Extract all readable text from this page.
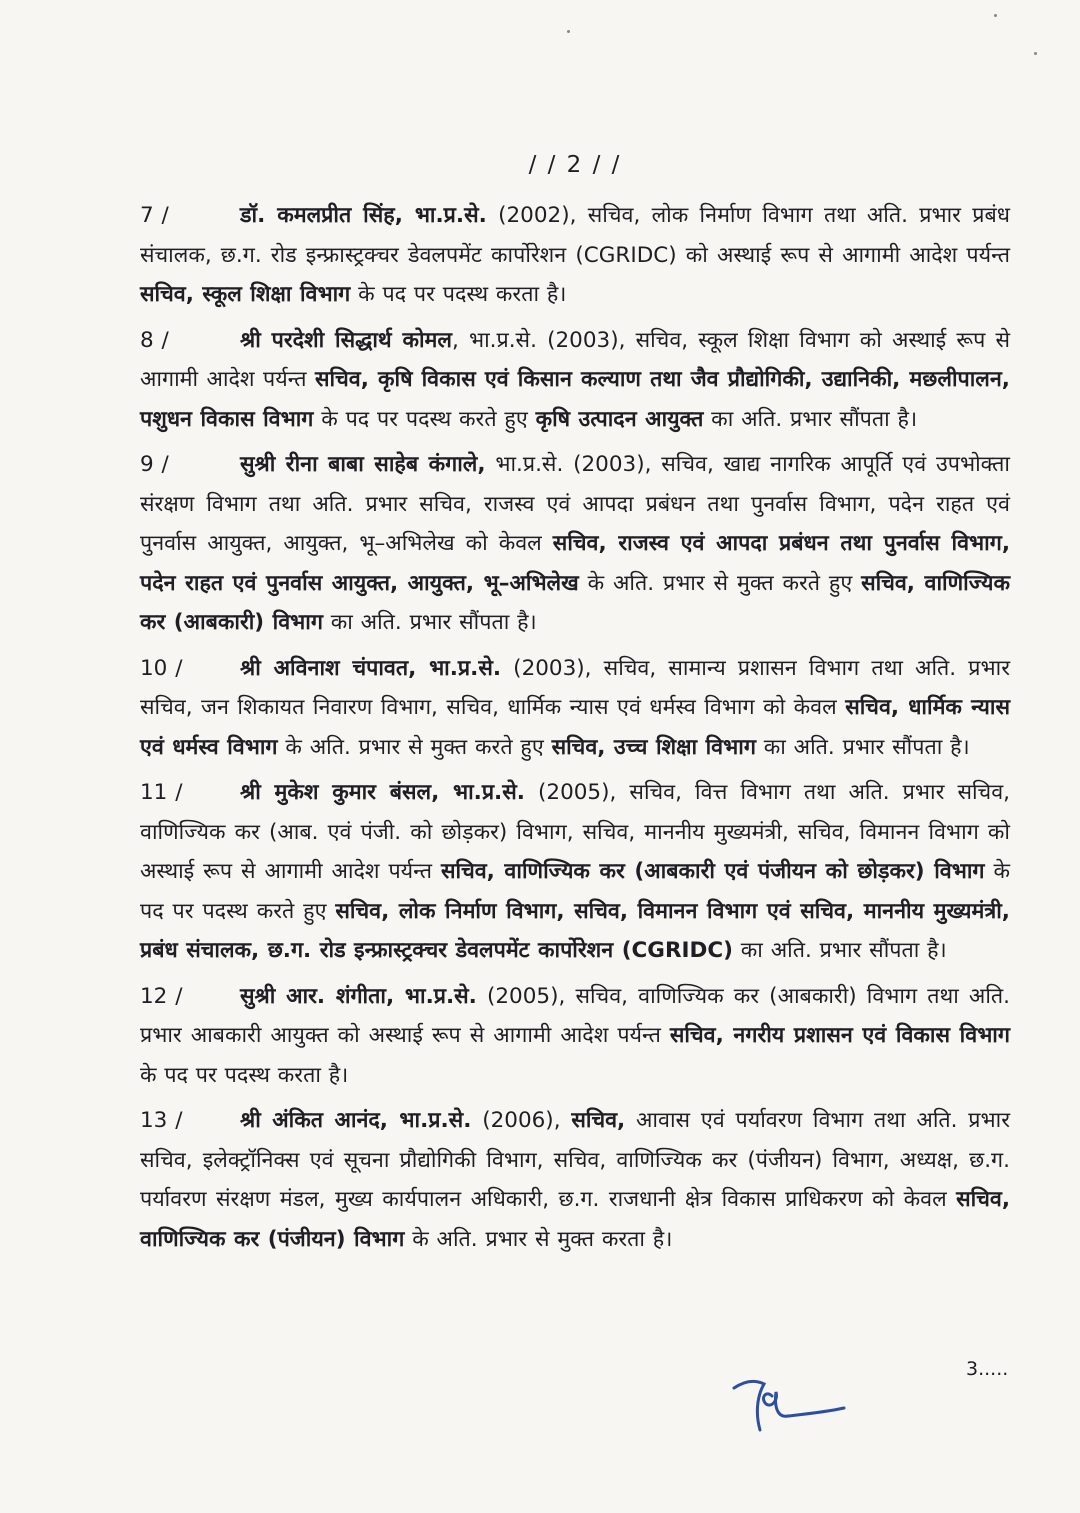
/ / 2 / /

7 /	डॉ. कमलप्रीत सिंह, भा.प्र.से. (2002), सचिव, लोक निर्माण विभाग तथा अति. प्रभार प्रबंध संचालक, छ.ग. रोड इन्फ्रास्ट्रक्चर डेवलपमेंट कार्पोरेशन (CGRIDC) को अस्थाई रूप से आगामी आदेश पर्यन्त सचिव, स्कूल शिक्षा विभाग के पद पर पदस्थ करता है।

8 /	श्री परदेशी सिद्धार्थ कोमल, भा.प्र.से. (2003), सचिव, स्कूल शिक्षा विभाग को अस्थाई रूप से आगामी आदेश पर्यन्त सचिव, कृषि विकास एवं किसान कल्याण तथा जैव प्रौद्योगिकी, उद्यानिकी, मछलीपालन, पशुधन विकास विभाग के पद पर पदस्थ करते हुए कृषि उत्पादन आयुक्त का अति. प्रभार सौंपता है।

9 /	सुश्री रीना बाबा साहेब कंगाले, भा.प्र.से. (2003), सचिव, खाद्य नागरिक आपूर्ति एवं उपभोक्ता संरक्षण विभाग तथा अति. प्रभार सचिव, राजस्व एवं आपदा प्रबंधन तथा पुनर्वास विभाग, पदेन राहत एवं पुनर्वास आयुक्त, आयुक्त, भू–अभिलेख को केवल सचिव, राजस्व एवं आपदा प्रबंधन तथा पुनर्वास विभाग, पदेन राहत एवं पुनर्वास आयुक्त, आयुक्त, भू–अभिलेख के अति. प्रभार से मुक्त करते हुए सचिव, वाणिज्यिक कर (आबकारी) विभाग का अति. प्रभार सौंपता है।

10 /	श्री अविनाश चंपावत, भा.प्र.से. (2003), सचिव, सामान्य प्रशासन विभाग तथा अति. प्रभार सचिव, जन शिकायत निवारण विभाग, सचिव, धार्मिक न्यास एवं धर्मस्व विभाग को केवल सचिव, धार्मिक न्यास एवं धर्मस्व विभाग के अति. प्रभार से मुक्त करते हुए सचिव, उच्च शिक्षा विभाग का अति. प्रभार सौंपता है।

11 /	श्री मुकेश कुमार बंसल, भा.प्र.से. (2005), सचिव, वित्त विभाग तथा अति. प्रभार सचिव, वाणिज्यिक कर (आब. एवं पंजी. को छोड़कर) विभाग, सचिव, माननीय मुख्यमंत्री, सचिव, विमानन विभाग को अस्थाई रूप से आगामी आदेश पर्यन्त सचिव, वाणिज्यिक कर (आबकारी एवं पंजीयन को छोड़कर) विभाग के पद पर पदस्थ करते हुए सचिव, लोक निर्माण विभाग, सचिव, विमानन विभाग एवं सचिव, माननीय मुख्यमंत्री, प्रबंध संचालक, छ.ग. रोड इन्फ्रास्ट्रक्चर डेवलपमेंट कार्पोरेशन (CGRIDC) का अति. प्रभार सौंपता है।

12 /	सुश्री आर. शंगीता, भा.प्र.से. (2005), सचिव, वाणिज्यिक कर (आबकारी) विभाग तथा अति. प्रभार आबकारी आयुक्त को अस्थाई रूप से आगामी आदेश पर्यन्त सचिव, नगरीय प्रशासन एवं विकास विभाग के पद पर पदस्थ करता है।

13 /	श्री अंकित आनंद, भा.प्र.से. (2006), सचिव, आवास एवं पर्यावरण विभाग तथा अति. प्रभार सचिव, इलेक्ट्रॉनिक्स एवं सूचना प्रौद्योगिकी विभाग, सचिव, वाणिज्यिक कर (पंजीयन) विभाग, अध्यक्ष, छ.ग. पर्यावरण संरक्षण मंडल, मुख्य कार्यपालन अधिकारी, छ.ग. राजधानी क्षेत्र विकास प्राधिकरण को केवल सचिव, वाणिज्यिक कर (पंजीयन) विभाग के अति. प्रभार से मुक्त करता है।

3.....
